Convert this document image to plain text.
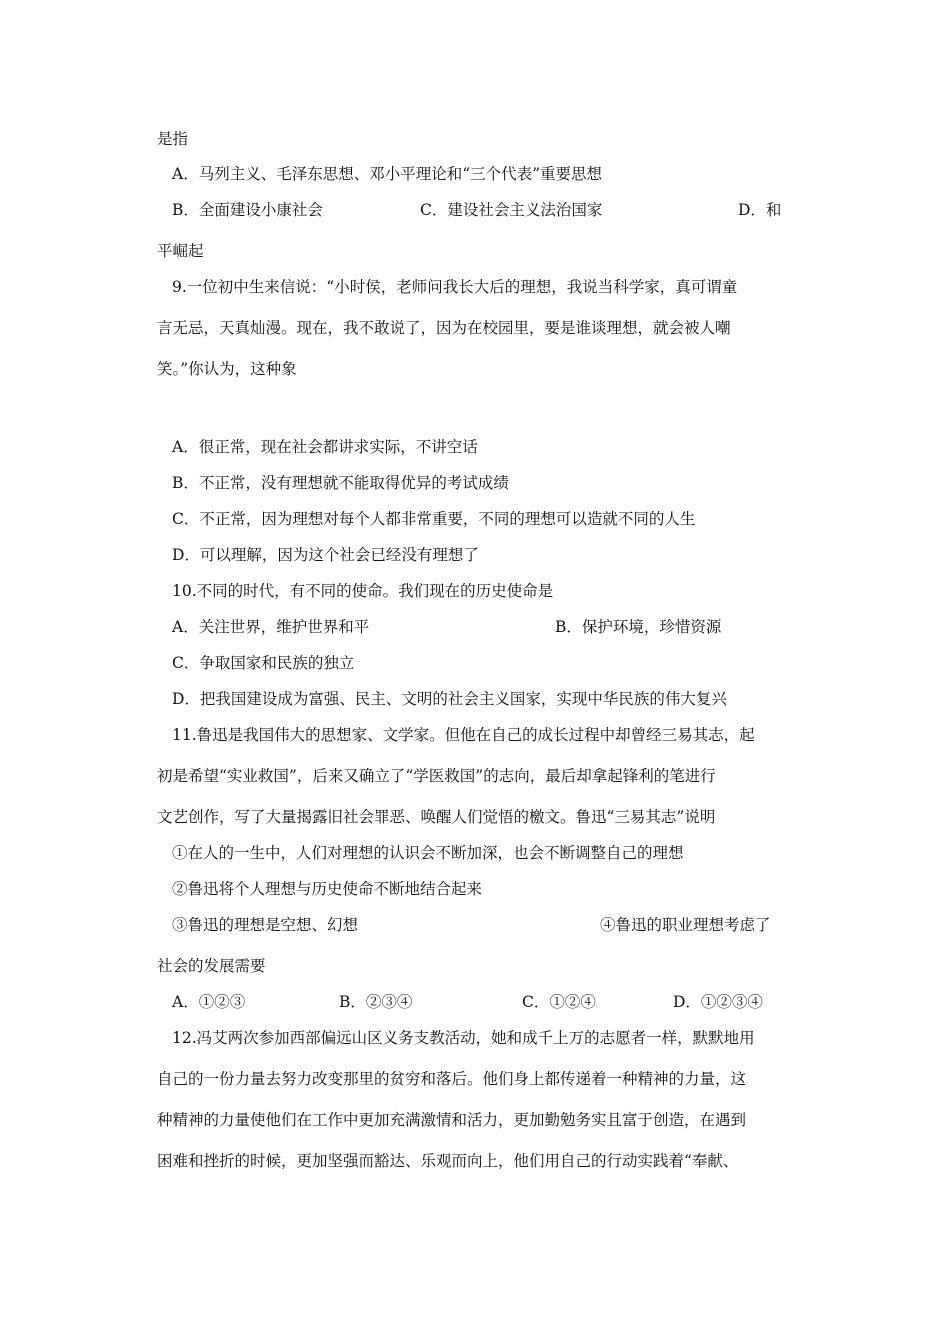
是指
A．马列主义、毛泽东思想、邓小平理论和“三个代表”重要思想
B．全面建设小康社会	C．建设社会主义法治国家	D．和
平崛起
9.一位初中生来信说：“小时侯，老师问我长大后的理想，我说当科学家，真可谓童
言无忌，天真灿漫。现在，我不敢说了，因为在校园里，要是谁谈理想，就会被人嘲
笑。”你认为，这种象
A．很正常，现在社会都讲求实际，不讲空话
B．不正常，没有理想就不能取得优异的考试成绩
C．不正常，因为理想对每个人都非常重要，不同的理想可以造就不同的人生
D．可以理解，因为这个社会已经没有理想了
10.不同的时代，有不同的使命。我们现在的历史使命是
A．关注世界，维护世界和平	B．保护环境，珍惜资源
C．争取国家和民族的独立
D．把我国建设成为富强、民主、文明的社会主义国家，实现中华民族的伟大复兴
11.鲁迅是我国伟大的思想家、文学家。但他在自己的成长过程中却曾经三易其志，起
初是希望“实业救国”，后来又确立了“学医救国”的志向，最后却拿起锋利的笔进行
文艺创作，写了大量揭露旧社会罪恶、唤醒人们觉悟的檄文。鲁迅“三易其志”说明
①在人的一生中，人们对理想的认识会不断加深，也会不断调整自己的理想
②鲁迅将个人理想与历史使命不断地结合起来
③鲁迅的理想是空想、幻想	④鲁迅的职业理想考虑了
社会的发展需要
A．①②③	B．②③④	C．①②④	D．①②③④
12.冯艾两次参加西部偏远山区义务支教活动，她和成千上万的志愿者一样，默默地用
自己的一份力量去努力改变那里的贫穷和落后。他们身上都传递着一种精神的力量，这
种精神的力量使他们在工作中更加充满激情和活力，更加勤勉务实且富于创造，在遇到
困难和挫折的时候，更加坚强而豁达、乐观而向上，他们用自己的行动实践着“奉献、
